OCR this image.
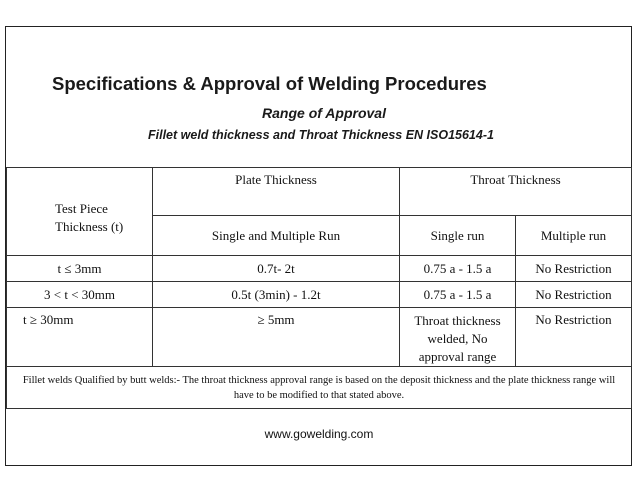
Specifications & Approval of Welding Procedures
Range of Approval
Fillet weld thickness and Throat Thickness EN ISO15614-1
Test Piece Thickness (t)	Plate Thickness	Throat Thickness	
	Single and Multiple Run	Single run	Multiple run
t ≤ 3mm	0.7t- 2t	0.75 a - 1.5 a	No Restriction
3 < t < 30mm	0.5t (3min) - 1.2t	0.75 a - 1.5 a	No Restriction
t ≥ 30mm	≥ 5mm	Throat thickness welded, No approval range	No Restriction
Fillet welds Qualified by butt welds:- The throat thickness approval range is based on the deposit thickness and the plate thickness range will have to be modified to that stated above.			
www.gowelding.com
